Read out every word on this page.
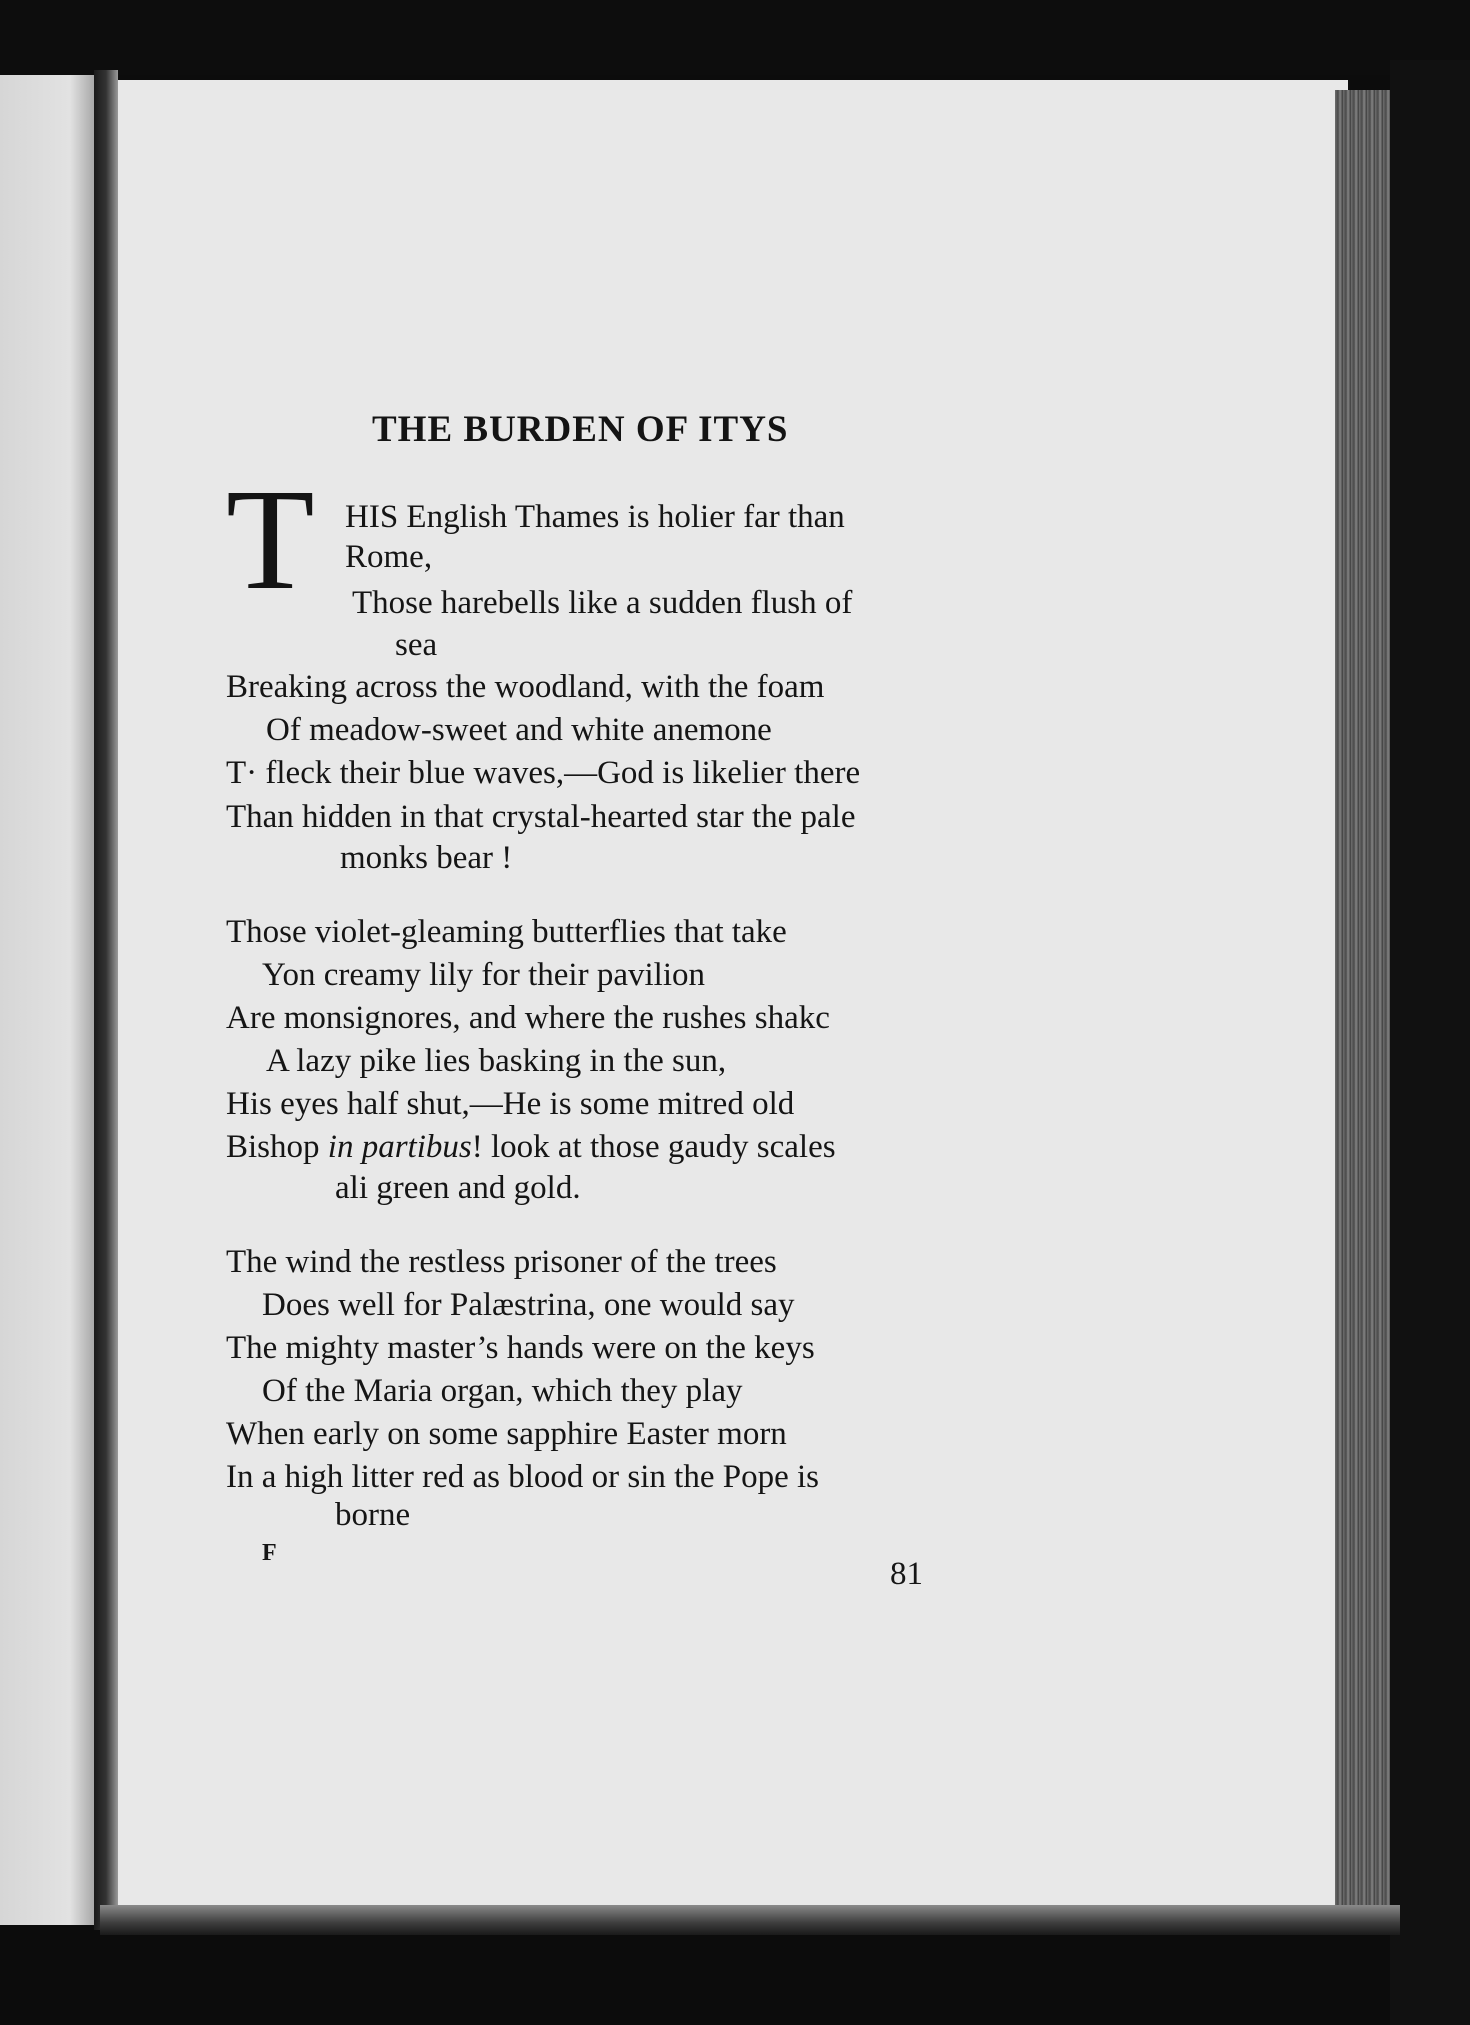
THE BURDEN OF ITYS
T HIS English Thames is holier far than
Rome,
Those harebells like a sudden flush of
sea
Breaking across the woodland, with the foam
Of meadow-sweet and white anemone
T· fleck their blue waves,—God is likelier there
Than hidden in that crystal-hearted star the pale
monks bear !
Those violet-gleaming butterflies that take
Yon creamy lily for their pavilion
Are monsignores, and where the rushes shakc
A lazy pike lies basking in the sun,
His eyes half shut,—He is some mitred old
Bishop in partibus! look at those gaudy scales
ali green and gold.
The wind the restless prisoner of the trees
Does well for Palæstrina, one would say
The mighty master’s hands were on the keys
Of the Maria organ, which they play
When early on some sapphire Easter morn
In a high litter red as blood or sin the Pope is
borne
F
81
